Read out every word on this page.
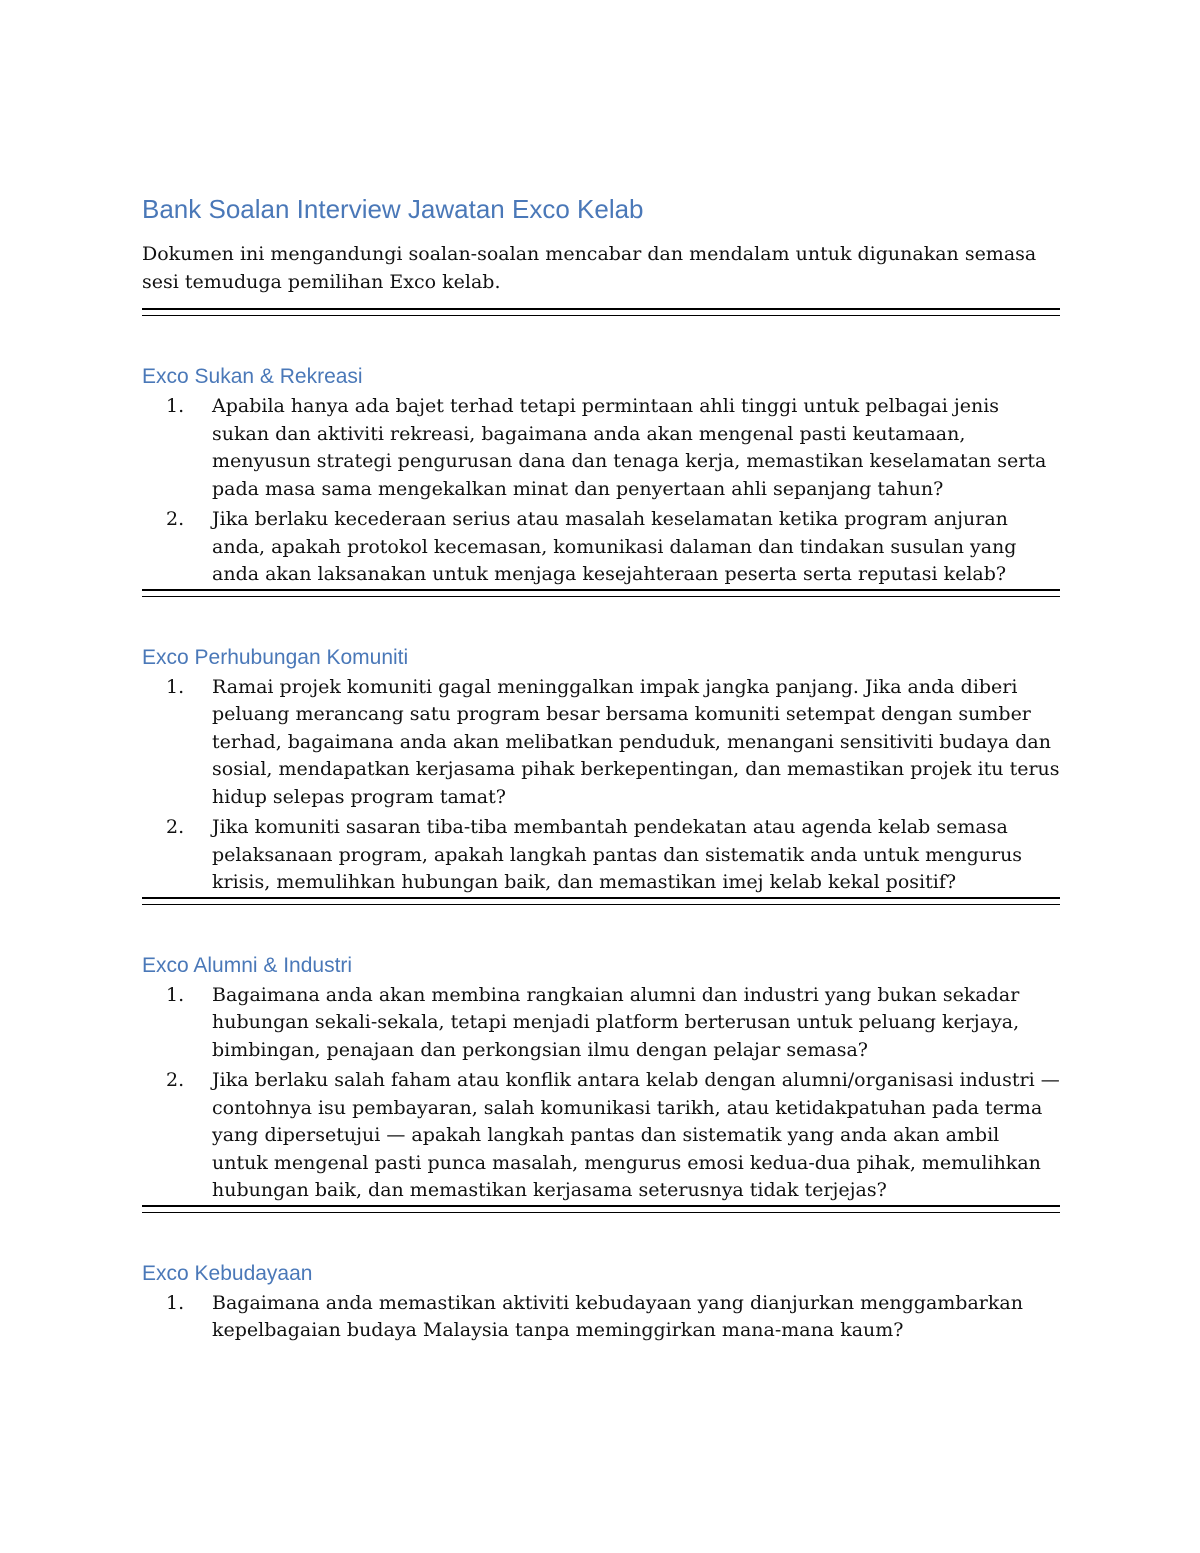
Bank Soalan Interview Jawatan Exco Kelab

Dokumen ini mengandungi soalan-soalan mencabar dan mendalam untuk digunakan semasa sesi temuduga pemilihan Exco kelab.

Exco Sukan & Rekreasi
1. Apabila hanya ada bajet terhad tetapi permintaan ahli tinggi untuk pelbagai jenis sukan dan aktiviti rekreasi, bagaimana anda akan mengenal pasti keutamaan, menyusun strategi pengurusan dana dan tenaga kerja, memastikan keselamatan serta pada masa sama mengekalkan minat dan penyertaan ahli sepanjang tahun?
2. Jika berlaku kecederaan serius atau masalah keselamatan ketika program anjuran anda, apakah protokol kecemasan, komunikasi dalaman dan tindakan susulan yang anda akan laksanakan untuk menjaga kesejahteraan peserta serta reputasi kelab?
Exco Perhubungan Komuniti
1. Ramai projek komuniti gagal meninggalkan impak jangka panjang. Jika anda diberi peluang merancang satu program besar bersama komuniti setempat dengan sumber terhad, bagaimana anda akan melibatkan penduduk, menangani sensitiviti budaya dan sosial, mendapatkan kerjasama pihak berkepentingan, dan memastikan projek itu terus hidup selepas program tamat?
2. Jika komuniti sasaran tiba-tiba membantah pendekatan atau agenda kelab semasa pelaksanaan program, apakah langkah pantas dan sistematik anda untuk mengurus krisis, memulihkan hubungan baik, dan memastikan imej kelab kekal positif?
Exco Alumni & Industri
1. Bagaimana anda akan membina rangkaian alumni dan industri yang bukan sekadar hubungan sekali-sekala, tetapi menjadi platform berterusan untuk peluang kerjaya, bimbingan, penajaan dan perkongsian ilmu dengan pelajar semasa?
2. Jika berlaku salah faham atau konflik antara kelab dengan alumni/organisasi industri — contohnya isu pembayaran, salah komunikasi tarikh, atau ketidakpatuhan pada terma yang dipersetujui — apakah langkah pantas dan sistematik yang anda akan ambil untuk mengenal pasti punca masalah, mengurus emosi kedua-dua pihak, memulihkan hubungan baik, dan memastikan kerjasama seterusnya tidak terjejas?
Exco Kebudayaan
1. Bagaimana anda memastikan aktiviti kebudayaan yang dianjurkan menggambarkan kepelbagaian budaya Malaysia tanpa meminggirkan mana-mana kaum?
